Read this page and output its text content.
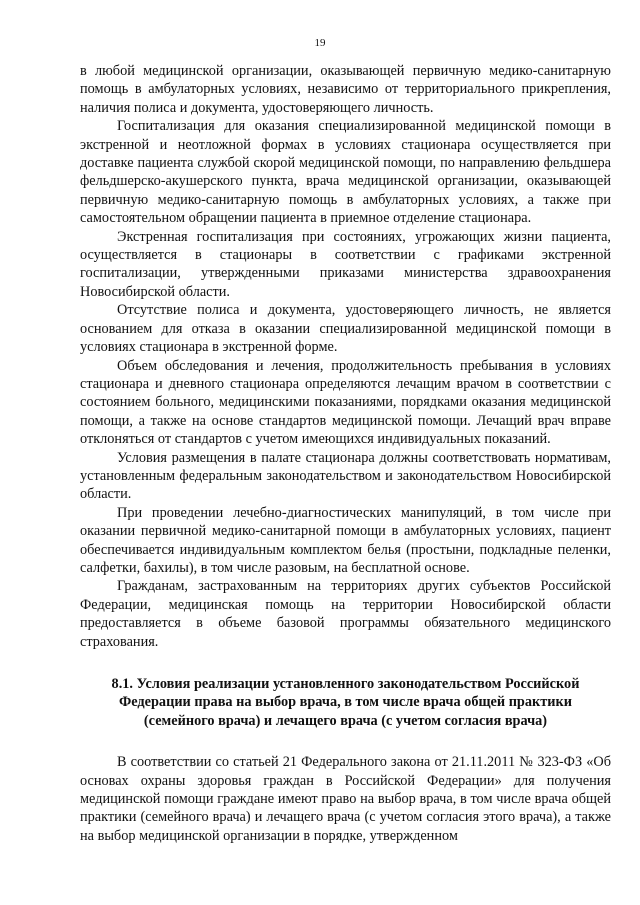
19

в любой медицинской организации, оказывающей первичную медико-санитарную помощь в амбулаторных условиях, независимо от территориального прикрепления, наличия полиса и документа, удостоверяющего личность.

Госпитализация для оказания специализированной медицинской помощи в экстренной и неотложной формах в условиях стационара осуществляется при доставке пациента службой скорой медицинской помощи, по направлению фельдшера фельдшерско-акушерского пункта, врача медицинской организации, оказывающей первичную медико-санитарную помощь в амбулаторных условиях, а также при самостоятельном обращении пациента в приемное отделение стационара.

Экстренная госпитализация при состояниях, угрожающих жизни пациента, осуществляется в стационары в соответствии с графиками экстренной госпитализации, утвержденными приказами министерства здравоохранения Новосибирской области.

Отсутствие полиса и документа, удостоверяющего личность, не является основанием для отказа в оказании специализированной медицинской помощи в условиях стационара в экстренной форме.

Объем обследования и лечения, продолжительность пребывания в условиях стационара и дневного стационара определяются лечащим врачом в соответствии с состоянием больного, медицинскими показаниями, порядками оказания медицинской помощи, а также на основе стандартов медицинской помощи. Лечащий врач вправе отклоняться от стандартов с учетом имеющихся индивидуальных показаний.

Условия размещения в палате стационара должны соответствовать нормативам, установленным федеральным законодательством и законодательством Новосибирской области.

При проведении лечебно-диагностических манипуляций, в том числе при оказании первичной медико-санитарной помощи в амбулаторных условиях, пациент обеспечивается индивидуальным комплектом белья (простыни, подкладные пеленки, салфетки, бахилы), в том числе разовым, на бесплатной основе.

Гражданам, застрахованным на территориях других субъектов Российской Федерации, медицинская помощь на территории Новосибирской области предоставляется в объеме базовой программы обязательного медицинского страхования.

8.1. Условия реализации установленного законодательством Российской Федерации права на выбор врача, в том числе врача общей практики (семейного врача) и лечащего врача (с учетом согласия врача)

В соответствии со статьей 21 Федерального закона от 21.11.2011 № 323-ФЗ «Об основах охраны здоровья граждан в Российской Федерации» для получения медицинской помощи граждане имеют право на выбор врача, в том числе врача общей практики (семейного врача) и лечащего врача (с учетом согласия этого врача), а также на выбор медицинской организации в порядке, утвержденном
